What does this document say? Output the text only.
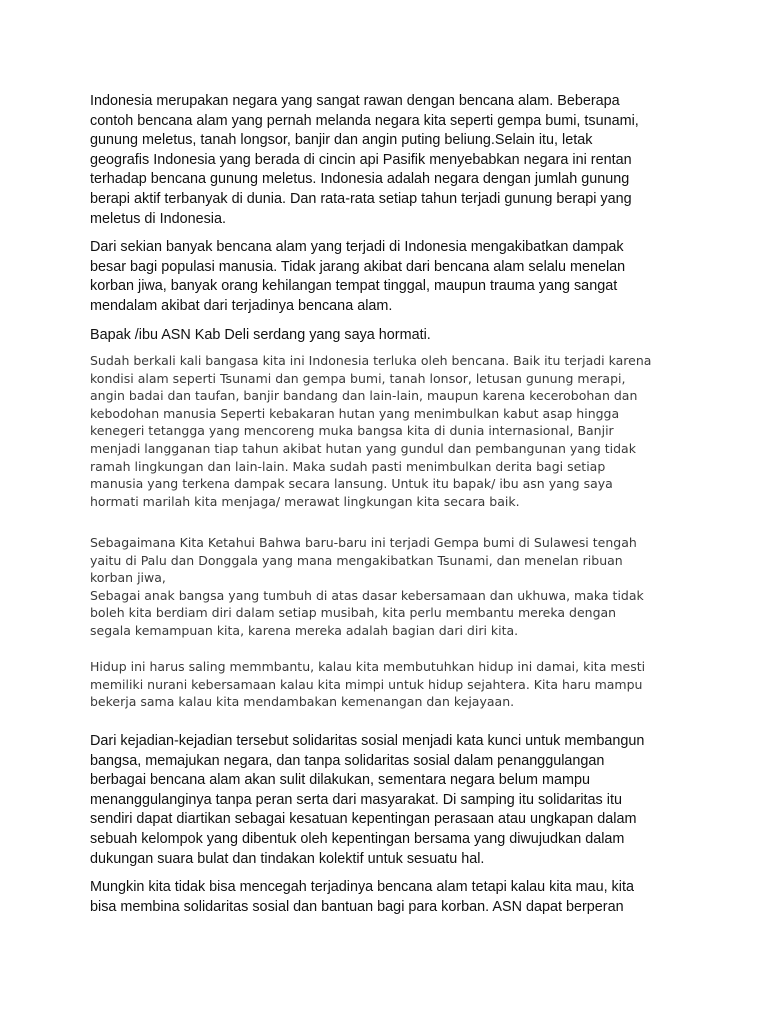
Indonesia merupakan negara yang sangat rawan dengan bencana alam. Beberapa
contoh bencana alam yang pernah melanda negara kita seperti gempa bumi, tsunami,
gunung meletus, tanah longsor, banjir dan angin puting beliung.Selain itu, letak
geografis Indonesia yang berada di cincin api Pasifik menyebabkan negara ini rentan
terhadap bencana gunung meletus. Indonesia adalah negara dengan jumlah gunung
berapi aktif terbanyak di dunia. Dan rata-rata setiap tahun terjadi gunung berapi yang
meletus di Indonesia.

Dari sekian banyak bencana alam yang terjadi di Indonesia mengakibatkan dampak
besar bagi populasi manusia. Tidak jarang akibat dari bencana alam selalu menelan
korban jiwa, banyak orang kehilangan tempat tinggal, maupun trauma yang sangat
mendalam akibat dari terjadinya bencana alam.

Bapak /ibu ASN Kab Deli serdang yang saya hormati.

Sudah berkali kali bangasa kita ini Indonesia terluka oleh bencana. Baik itu terjadi karena
kondisi alam seperti Tsunami dan gempa bumi, tanah lonsor, letusan gunung merapi,
angin badai dan taufan, banjir bandang dan lain-lain, maupun karena kecerobohan dan
kebodohan manusia Seperti kebakaran hutan yang menimbulkan kabut asap hingga
kenegeri tetangga yang mencoreng muka bangsa kita di dunia internasional, Banjir
menjadi langganan tiap tahun akibat hutan yang gundul dan pembangunan yang tidak
ramah lingkungan dan lain-lain. Maka sudah pasti menimbulkan derita bagi setiap
manusia yang terkena dampak secara lansung. Untuk itu bapak/ ibu asn yang saya
hormati marilah kita menjaga/ merawat lingkungan kita secara baik.

Sebagaimana Kita Ketahui Bahwa baru-baru ini terjadi Gempa bumi di Sulawesi tengah
yaitu di Palu dan Donggala yang mana mengakibatkan Tsunami, dan menelan ribuan
korban jiwa,
Sebagai anak bangsa yang tumbuh di atas dasar kebersamaan dan ukhuwa, maka tidak
boleh kita berdiam diri dalam setiap musibah, kita perlu membantu mereka dengan
segala kemampuan kita, karena mereka adalah bagian dari diri kita.

Hidup ini harus saling memmbantu, kalau kita membutuhkan hidup ini damai, kita mesti
memiliki nurani kebersamaan kalau kita mimpi untuk hidup sejahtera. Kita haru mampu
bekerja sama kalau kita mendambakan kemenangan dan kejayaan.

Dari kejadian-kejadian tersebut solidaritas sosial menjadi kata kunci untuk membangun
bangsa, memajukan negara, dan tanpa solidaritas sosial dalam penanggulangan
berbagai bencana alam akan sulit dilakukan, sementara negara belum mampu
menanggulanginya tanpa peran serta dari masyarakat. Di samping itu solidaritas itu
sendiri dapat diartikan sebagai kesatuan kepentingan perasaan atau ungkapan dalam
sebuah kelompok yang dibentuk oleh kepentingan bersama yang diwujudkan dalam
dukungan suara bulat dan tindakan kolektif untuk sesuatu hal.

Mungkin kita tidak bisa mencegah terjadinya bencana alam tetapi kalau kita mau, kita
bisa membina solidaritas sosial dan bantuan bagi para korban. ASN dapat berperan
